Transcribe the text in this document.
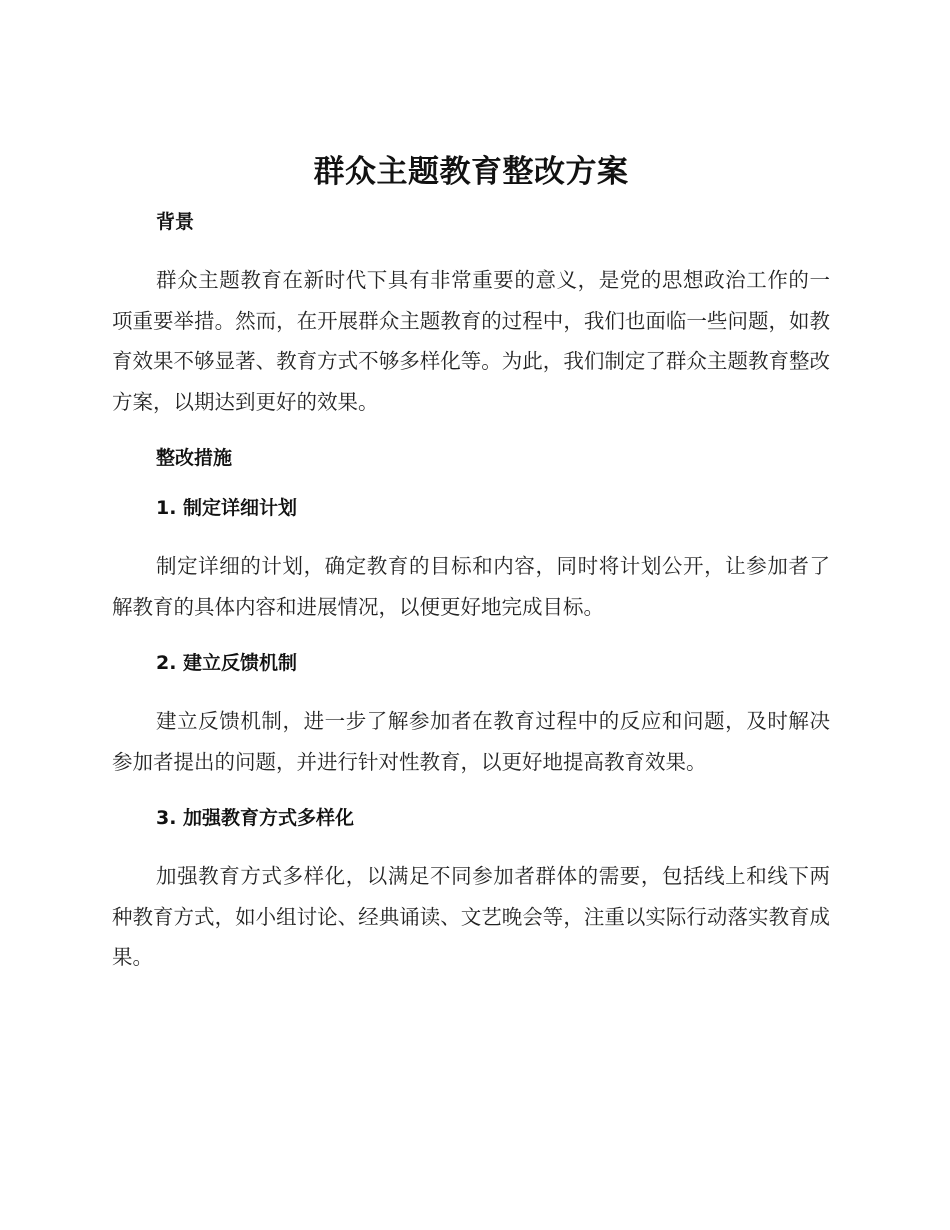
群众主题教育整改方案
背景

群众主题教育在新时代下具有非常重要的意义，是党的思想政治工作的一项重要举措。然而，在开展群众主题教育的过程中，我们也面临一些问题，如教育效果不够显著、教育方式不够多样化等。为此，我们制定了群众主题教育整改方案，以期达到更好的效果。

整改措施
1. 制定详细计划

制定详细的计划，确定教育的目标和内容，同时将计划公开，让参加者了解教育的具体内容和进展情况，以便更好地完成目标。

2. 建立反馈机制

建立反馈机制，进一步了解参加者在教育过程中的反应和问题，及时解决参加者提出的问题，并进行针对性教育，以更好地提高教育效果。

3. 加强教育方式多样化

加强教育方式多样化，以满足不同参加者群体的需要，包括线上和线下两种教育方式，如小组讨论、经典诵读、文艺晚会等，注重以实际行动落实教育成果。
